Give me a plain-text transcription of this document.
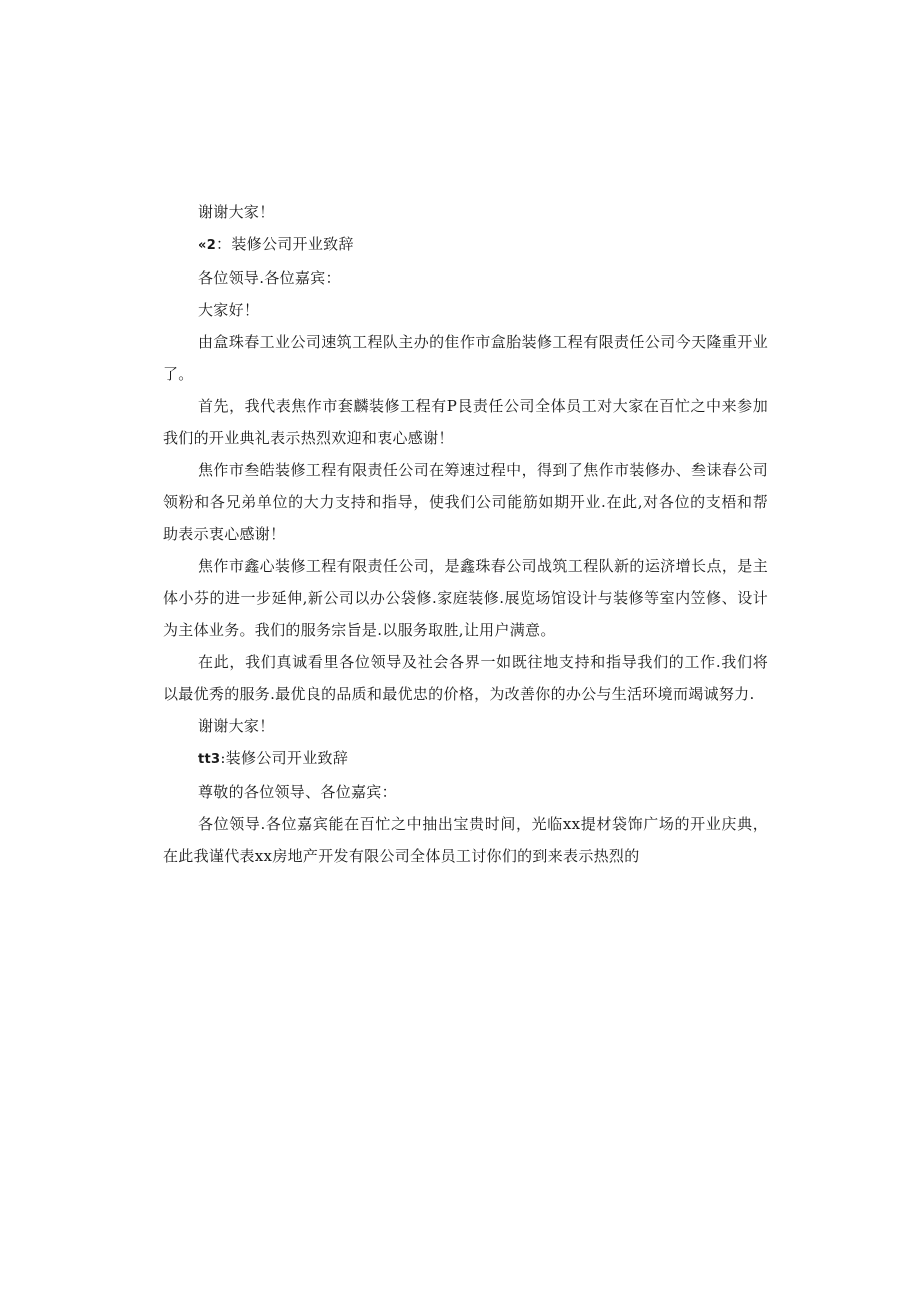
谢谢大家！

«2：装修公司开业致辞

各位领导.各位嘉宾：

大家好！

由盒珠春工业公司速筑工程队主办的隹作市盒胎装修工程有限责任公司今天隆重开业了。

首先，我代表焦作市套麟装修工程有P艮责任公司全体员工对大家在百忙之中来参加我们的开业典礼表示热烈欢迎和衷心感谢！

焦作市叁皓装修工程有限责任公司在筹速过程中，得到了焦作市装修办、叁诔春公司领粉和各兄弟单位的大力支持和指导，使我们公司能筋如期开业.在此,对各位的支梧和帮助表示衷心感谢！

焦作市鑫心装修工程有限责任公司，是鑫珠春公司战筑工程队新的运济增长点，是主体小芬的进一步延伸,新公司以办公袋修.家庭装修.展览场馆设计与装修等室内笠修、设计为主体业务。我们的服务宗旨是.以服务取胜,让用户满意。

在此，我们真诚看里各位领导及社会各界一如既往地支持和指导我们的工作.我们将以最优秀的服务.最优良的品质和最优忠的价格，为改善你的办公与生活环境而竭诚努力.

谢谢大家！

tt3:装修公司开业致辞

尊敬的各位领导、各位嘉宾：

各位领导.各位嘉宾能在百忙之中抽出宝贵时间，光临xx提材袋饰广场的开业庆典，在此我谨代表xx房地产开发有限公司全体员工讨你们的到来表示热烈的
